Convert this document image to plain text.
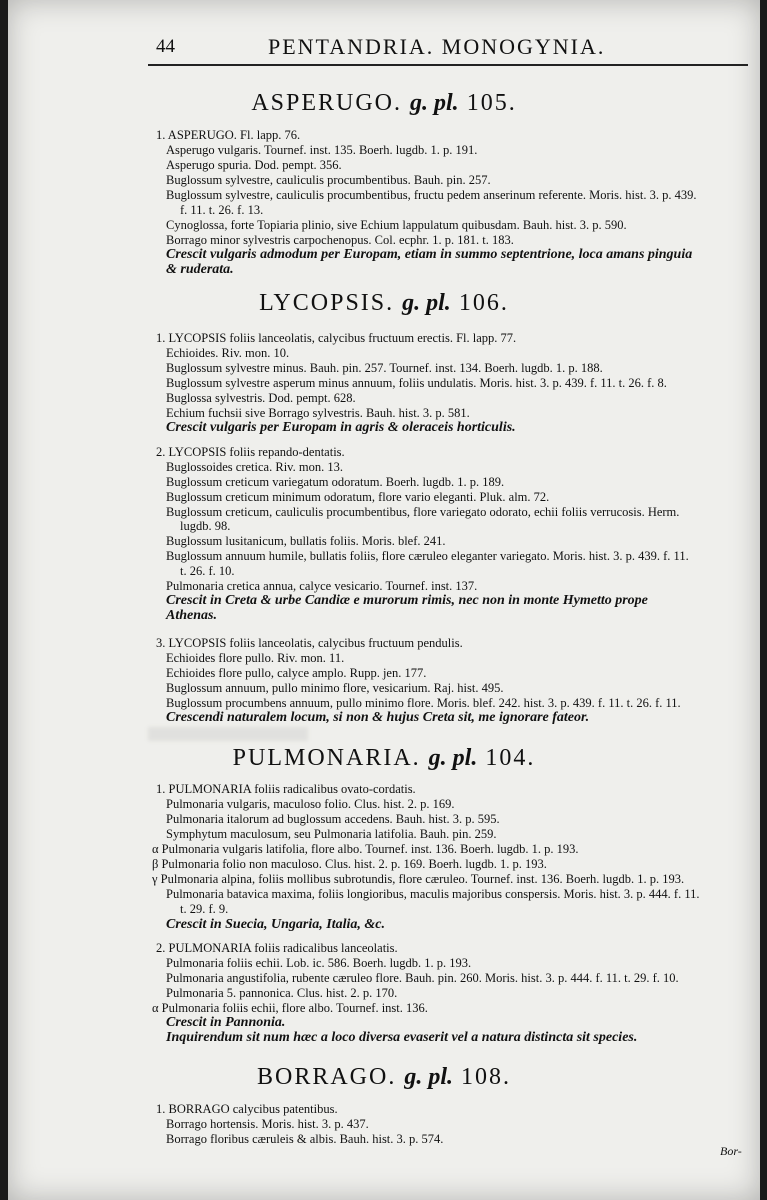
44	PENTANDRIA. MONOGYNIA.
ASPERUGO. g. pl. 105.
1. ASPERUGO. Fl. lapp. 76.
Asperugo vulgaris. Tournef. inst. 135. Boerh. lugdb. 1. p. 191.
Asperugo spuria. Dod. pempt. 356.
Buglossum sylvestre, cauliculis procumbentibus. Bauh. pin. 257.
Buglossum sylvestre, cauliculis procumbentibus, fructu pedem anserinum referente. Moris. hist. 3. p. 439.
f. 11. t. 26. f. 13.
Cynoglossa, forte Topiaria plinio, sive Echium lappulatum quibusdam. Bauh. hist. 3. p. 590.
Borrago minor sylvestris carpochenopus. Col. ecphr. 1. p. 181. t. 183.
Crescit vulgaris admodum per Europam, etiam in summo septentrione, loca amans pinguia
& ruderata.
LYCOPSIS. g. pl. 106.
1. LYCOPSIS foliis lanceolatis, calycibus fructuum erectis. Fl. lapp. 77.
Echioides. Riv. mon. 10.
Buglossum sylvestre minus. Bauh. pin. 257. Tournef. inst. 134. Boerh. lugdb. 1. p. 188.
Buglossum sylvestre asperum minus annuum, foliis undulatis. Moris. hist. 3. p. 439. f. 11. t. 26. f. 8.
Buglossa sylvestris. Dod. pempt. 628.
Echium fuchsii sive Borrago sylvestris. Bauh. hist. 3. p. 581.
Crescit vulgaris per Europam in agris & oleraceis horticulis.
2. LYCOPSIS foliis repando-dentatis.
Buglossoides cretica. Riv. mon. 13.
Buglossum creticum variegatum odoratum. Boerh. lugdb. 1. p. 189.
Buglossum creticum minimum odoratum, flore vario eleganti. Pluk. alm. 72.
Buglossum creticum, cauliculis procumbentibus, flore variegato odorato, echii foliis verrucosis. Herm.
lugdb. 98.
Buglossum lusitanicum, bullatis foliis. Moris. blef. 241.
Buglossum annuum humile, bullatis foliis, flore cæruleo eleganter variegato. Moris. hist. 3. p. 439. f. 11.
t. 26. f. 10.
Pulmonaria cretica annua, calyce vesicario. Tournef. inst. 137.
Crescit in Creta & urbe Candiæ e murorum rimis, nec non in monte Hymetto prope
Athenas.
3. LYCOPSIS foliis lanceolatis, calycibus fructuum pendulis.
Echioides flore pullo. Riv. mon. 11.
Echioides flore pullo, calyce amplo. Rupp. jen. 177.
Buglossum annuum, pullo minimo flore, vesicarium. Raj. hist. 495.
Buglossum procumbens annuum, pullo minimo flore. Moris. blef. 242. hist. 3. p. 439. f. 11. t. 26. f. 11.
Crescendi naturalem locum, si non & hujus Creta sit, me ignorare fateor.
PULMONARIA. g. pl. 104.
1. PULMONARIA foliis radicalibus ovato-cordatis.
Pulmonaria vulgaris, maculoso folio. Clus. hist. 2. p. 169.
Pulmonaria italorum ad buglossum accedens. Bauh. hist. 3. p. 595.
Symphytum maculosum, seu Pulmonaria latifolia. Bauh. pin. 259.
α Pulmonaria vulgaris latifolia, flore albo. Tournef. inst. 136. Boerh. lugdb. 1. p. 193.
β Pulmonaria folio non maculoso. Clus. hist. 2. p. 169. Boerh. lugdb. 1. p. 193.
γ Pulmonaria alpina, foliis mollibus subrotundis, flore cæruleo. Tournef. inst. 136. Boerh. lugdb. 1. p. 193.
Pulmonaria batavica maxima, foliis longioribus, maculis majoribus conspersis. Moris. hist. 3. p. 444. f. 11.
t. 29. f. 9.
Crescit in Suecia, Ungaria, Italia, &c.
2. PULMONARIA foliis radicalibus lanceolatis.
Pulmonaria foliis echii. Lob. ic. 586. Boerh. lugdb. 1. p. 193.
Pulmonaria angustifolia, rubente cæruleo flore. Bauh. pin. 260. Moris. hist. 3. p. 444. f. 11. t. 29. f. 10.
Pulmonaria 5. pannonica. Clus. hist. 2. p. 170.
α Pulmonaria foliis echii, flore albo. Tournef. inst. 136.
Crescit in Pannonia.
Inquirendum sit num hæc a loco diversa evaserit vel a natura distincta sit species.
BORRAGO. g. pl. 108.
1. BORRAGO calycibus patentibus.
Borrago hortensis. Moris. hist. 3. p. 437.
Borrago floribus cæruleis & albis. Bauh. hist. 3. p. 574.
Bor-
